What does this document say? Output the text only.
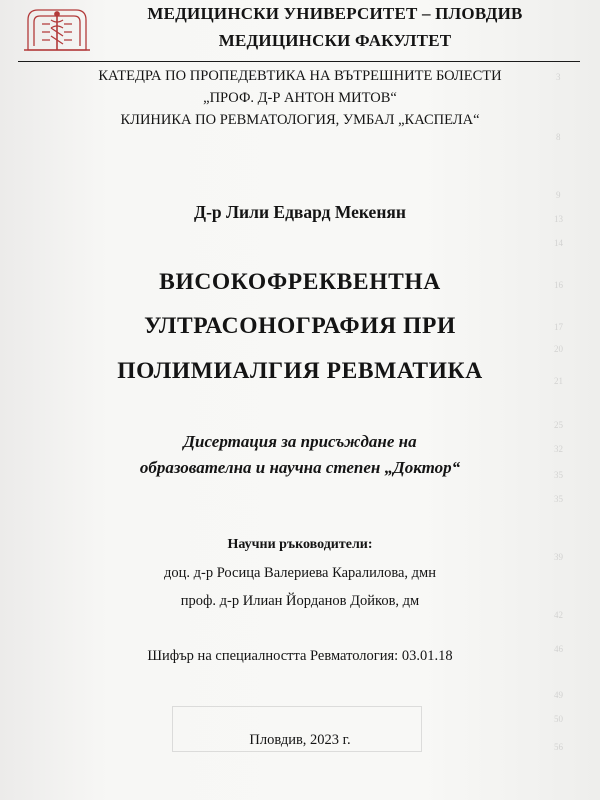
3
8
9
13
14
16
17
20
21
25
32
35
35
39
42
46
49
50
56
МЕДИЦИНСКИ УНИВЕРСИТЕТ – ПЛОВДИВ
МЕДИЦИНСКИ ФАКУЛТЕТ
КАТЕДРА ПО ПРОПЕДЕВТИКА НА ВЪТРЕШНИТЕ БОЛЕСТИ
„ПРОФ. Д-Р АНТОН МИТОВ“
КЛИНИКА ПО РЕВМАТОЛОГИЯ, УМБАЛ „КАСПЕЛА“
Д-р Лили Едвард Мекенян
ВИСОКОФРЕКВЕНТНА
УЛТРАСОНОГРАФИЯ ПРИ
ПОЛИМИАЛГИЯ РЕВМАТИКА
Дисертация за присъждане на
образователна и научна степен „Доктор“
Научни ръководители:
доц. д-р Росица Валериева Каралилова, дмн
проф. д-р Илиан Йорданов Дойков, дм
Шифър на специалността Ревматология: 03.01.18
Пловдив, 2023 г.
